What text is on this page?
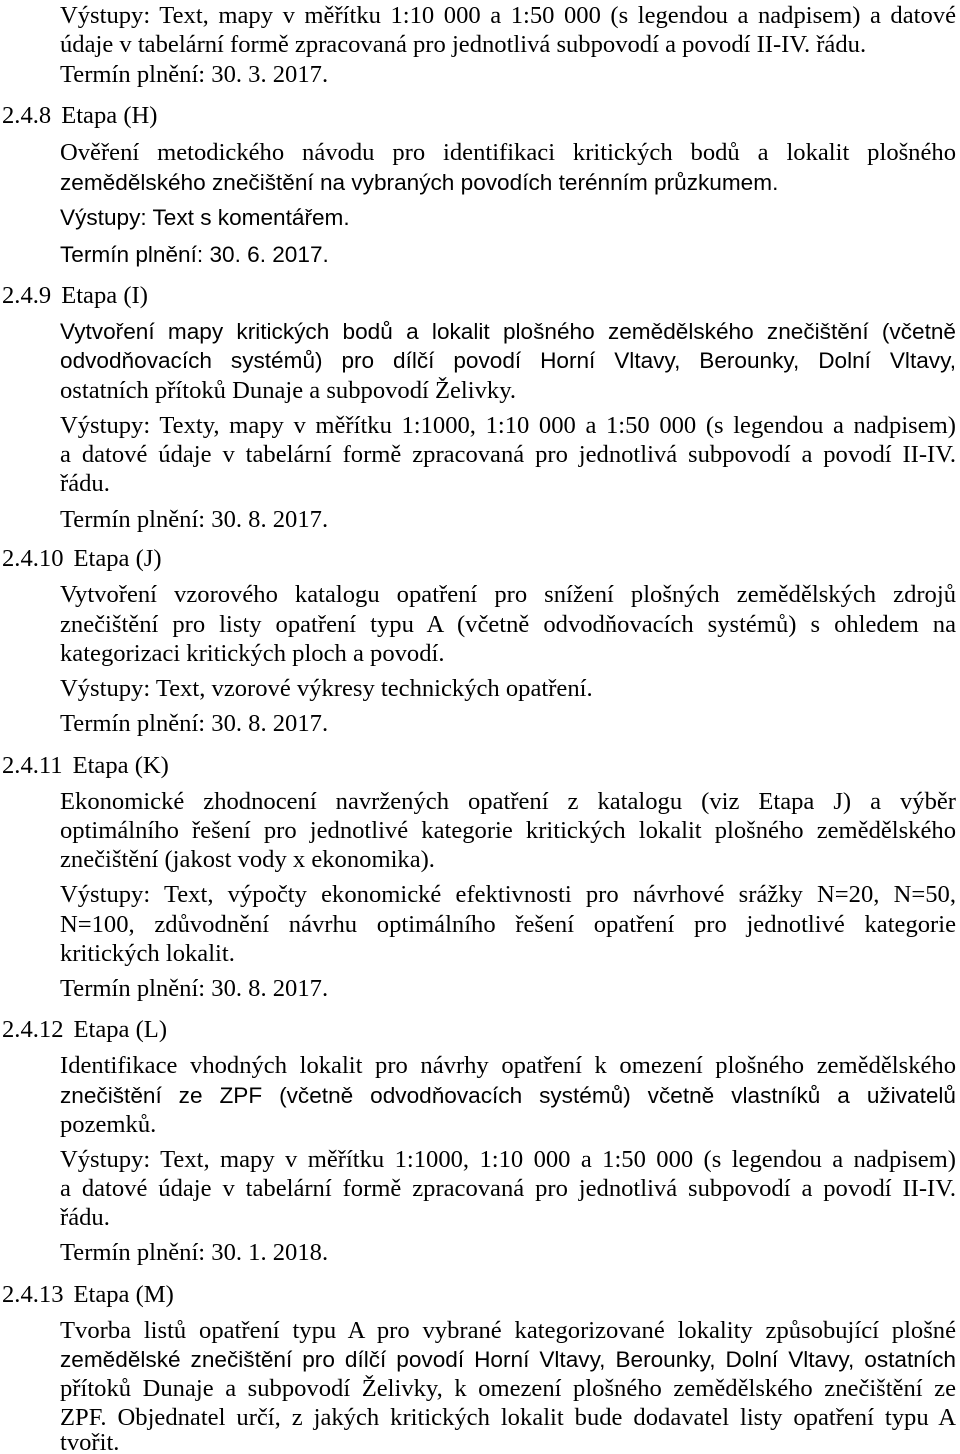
Výstupy: Text, mapy v měřítku 1:10 000 a 1:50 000 (s legendou a nadpisem) a datové
údaje v tabelární formě zpracovaná pro jednotlivá subpovodí a povodí II-IV. řádu.
Termín plnění: 30. 3. 2017.
2.4.8 Etapa (H)
Ověření metodického návodu pro identifikaci kritických bodů a lokalit plošného
zemědělského znečištění na vybraných povodích terénním průzkumem.
Výstupy: Text s komentářem.
Termín plnění: 30. 6. 2017.
2.4.9 Etapa (I)
Vytvoření mapy kritických bodů a lokalit plošného zemědělského znečištění (včetně
odvodňovacích systémů) pro dílčí povodí Horní Vltavy, Berounky, Dolní Vltavy,
ostatních přítoků Dunaje a subpovodí Želivky.
Výstupy: Texty, mapy v měřítku 1:1000, 1:10 000 a 1:50 000 (s legendou a nadpisem)
a datové údaje v tabelární formě zpracovaná pro jednotlivá subpovodí a povodí II-IV.
řádu.
Termín plnění: 30. 8. 2017.
2.4.10 Etapa (J)
Vytvoření vzorového katalogu opatření pro snížení plošných zemědělských zdrojů
znečištění pro listy opatření typu A (včetně odvodňovacích systémů) s ohledem na
kategorizaci kritických ploch a povodí.
Výstupy: Text, vzorové výkresy technických opatření.
Termín plnění: 30. 8. 2017.
2.4.11 Etapa (K)
Ekonomické zhodnocení navržených opatření z katalogu (viz Etapa J) a výběr
optimálního řešení pro jednotlivé kategorie kritických lokalit plošného zemědělského
znečištění (jakost vody x ekonomika).
Výstupy: Text, výpočty ekonomické efektivnosti pro návrhové srážky N=20, N=50,
N=100, zdůvodnění návrhu optimálního řešení opatření pro jednotlivé kategorie
kritických lokalit.
Termín plnění: 30. 8. 2017.
2.4.12 Etapa (L)
Identifikace vhodných lokalit pro návrhy opatření k omezení plošného zemědělského
znečištění ze ZPF (včetně odvodňovacích systémů) včetně vlastníků a uživatelů
pozemků.
Výstupy: Text, mapy v měřítku 1:1000, 1:10 000 a 1:50 000 (s legendou a nadpisem)
a datové údaje v tabelární formě zpracovaná pro jednotlivá subpovodí a povodí II-IV.
řádu.
Termín plnění: 30. 1. 2018.
2.4.13 Etapa (M)
Tvorba listů opatření typu A pro vybrané kategorizované lokality způsobující plošné
zemědělské znečištění pro dílčí povodí Horní Vltavy, Berounky, Dolní Vltavy, ostatních
přítoků Dunaje a subpovodí Želivky, k omezení plošného zemědělského znečištění ze
ZPF. Objednatel určí, z jakých kritických lokalit bude dodavatel listy opatření typu A
tvořit.
